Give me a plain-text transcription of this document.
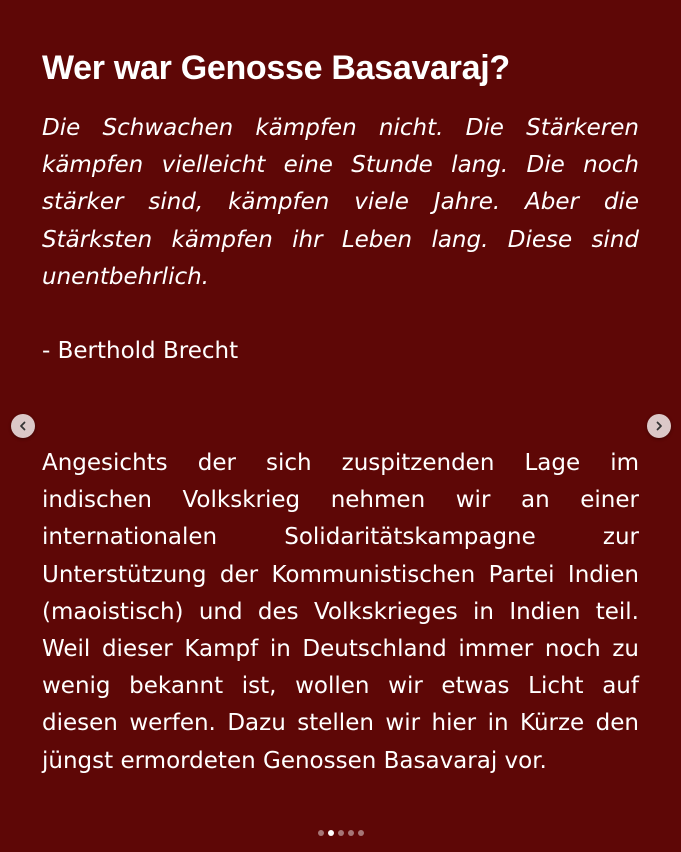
Wer war Genosse Basavaraj?

Die Schwachen kämpfen nicht. Die Stärkeren kämpfen vielleicht eine Stunde lang. Die noch stärker sind, kämpfen viele Jahre. Aber die Stärksten kämpfen ihr Leben lang. Diese sind unentbehrlich.

- Berthold Brecht

Angesichts der sich zuspitzenden Lage im indischen Volkskrieg nehmen wir an einer internationalen Solidaritätskampagne zur Unterstützung der Kommunistischen Partei Indien (maoistisch) und des Volkskrieges in Indien teil. Weil dieser Kampf in Deutschland immer noch zu wenig bekannt ist, wollen wir etwas Licht auf diesen werfen. Dazu stellen wir hier in Kürze den jüngst ermordeten Genossen Basavaraj vor.
